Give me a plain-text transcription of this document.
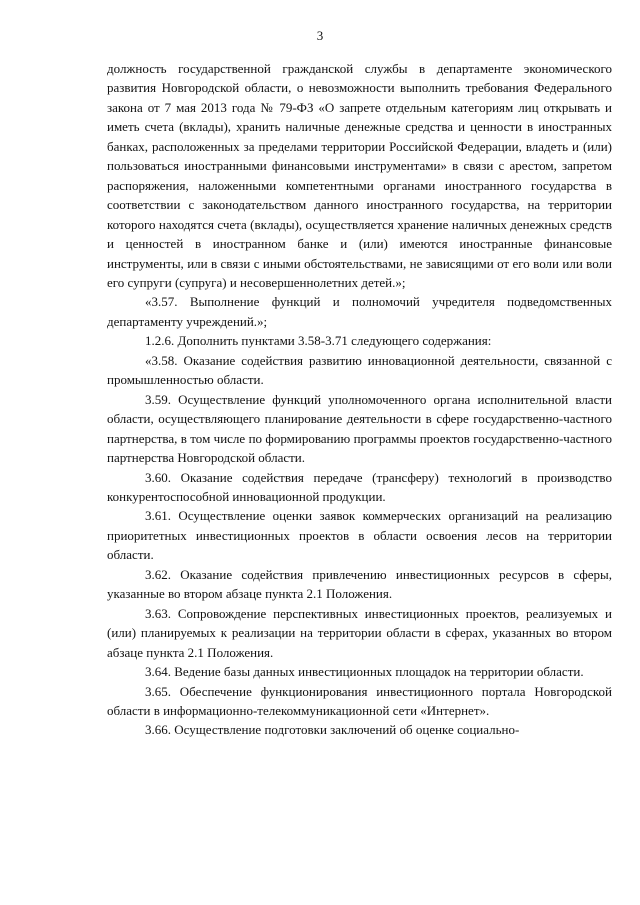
3

должность государственной гражданской службы в департаменте экономического развития Новгородской области, о невозможности выполнить требования Федерального закона от 7 мая 2013 года № 79-ФЗ «О запрете отдельным категориям лиц открывать и иметь счета (вклады), хранить наличные денежные средства и ценности в иностранных банках, расположенных за пределами территории Российской Федерации, владеть и (или) пользоваться иностранными финансовыми инструментами» в связи с арестом, запретом распоряжения, наложенными компетентными органами иностранного государства в соответствии с законодательством данного иностранного государства, на территории которого находятся счета (вклады), осуществляется хранение наличных денежных средств и ценностей в иностранном банке и (или) имеются иностранные финансовые инструменты, или в связи с иными обстоятельствами, не зависящими от его воли или воли его супруги (супруга) и несовершеннолетних детей.»;

«3.57. Выполнение функций и полномочий учредителя подведомственных департаменту учреждений.»;

1.2.6. Дополнить пунктами 3.58-3.71 следующего содержания:

«3.58. Оказание содействия развитию инновационной деятельности, связанной с промышленностью области.

3.59. Осуществление функций уполномоченного органа исполнительной власти области, осуществляющего планирование деятельности в сфере государственно-частного партнерства, в том числе по формированию программы проектов государственно-частного партнерства Новгородской области.

3.60. Оказание содействия передаче (трансферу) технологий в производство конкурентоспособной инновационной продукции.

3.61. Осуществление оценки заявок коммерческих организаций на реализацию приоритетных инвестиционных проектов в области освоения лесов на территории области.

3.62. Оказание содействия привлечению инвестиционных ресурсов в сферы, указанные во втором абзаце пункта 2.1 Положения.

3.63. Сопровождение перспективных инвестиционных проектов, реализуемых и (или) планируемых к реализации на территории области в сферах, указанных во втором абзаце пункта 2.1 Положения.

3.64. Ведение базы данных инвестиционных площадок на территории области.

3.65. Обеспечение функционирования инвестиционного портала Новгородской области в информационно-телекоммуникационной сети «Интернет».

3.66. Осуществление подготовки заключений об оценке социально-
